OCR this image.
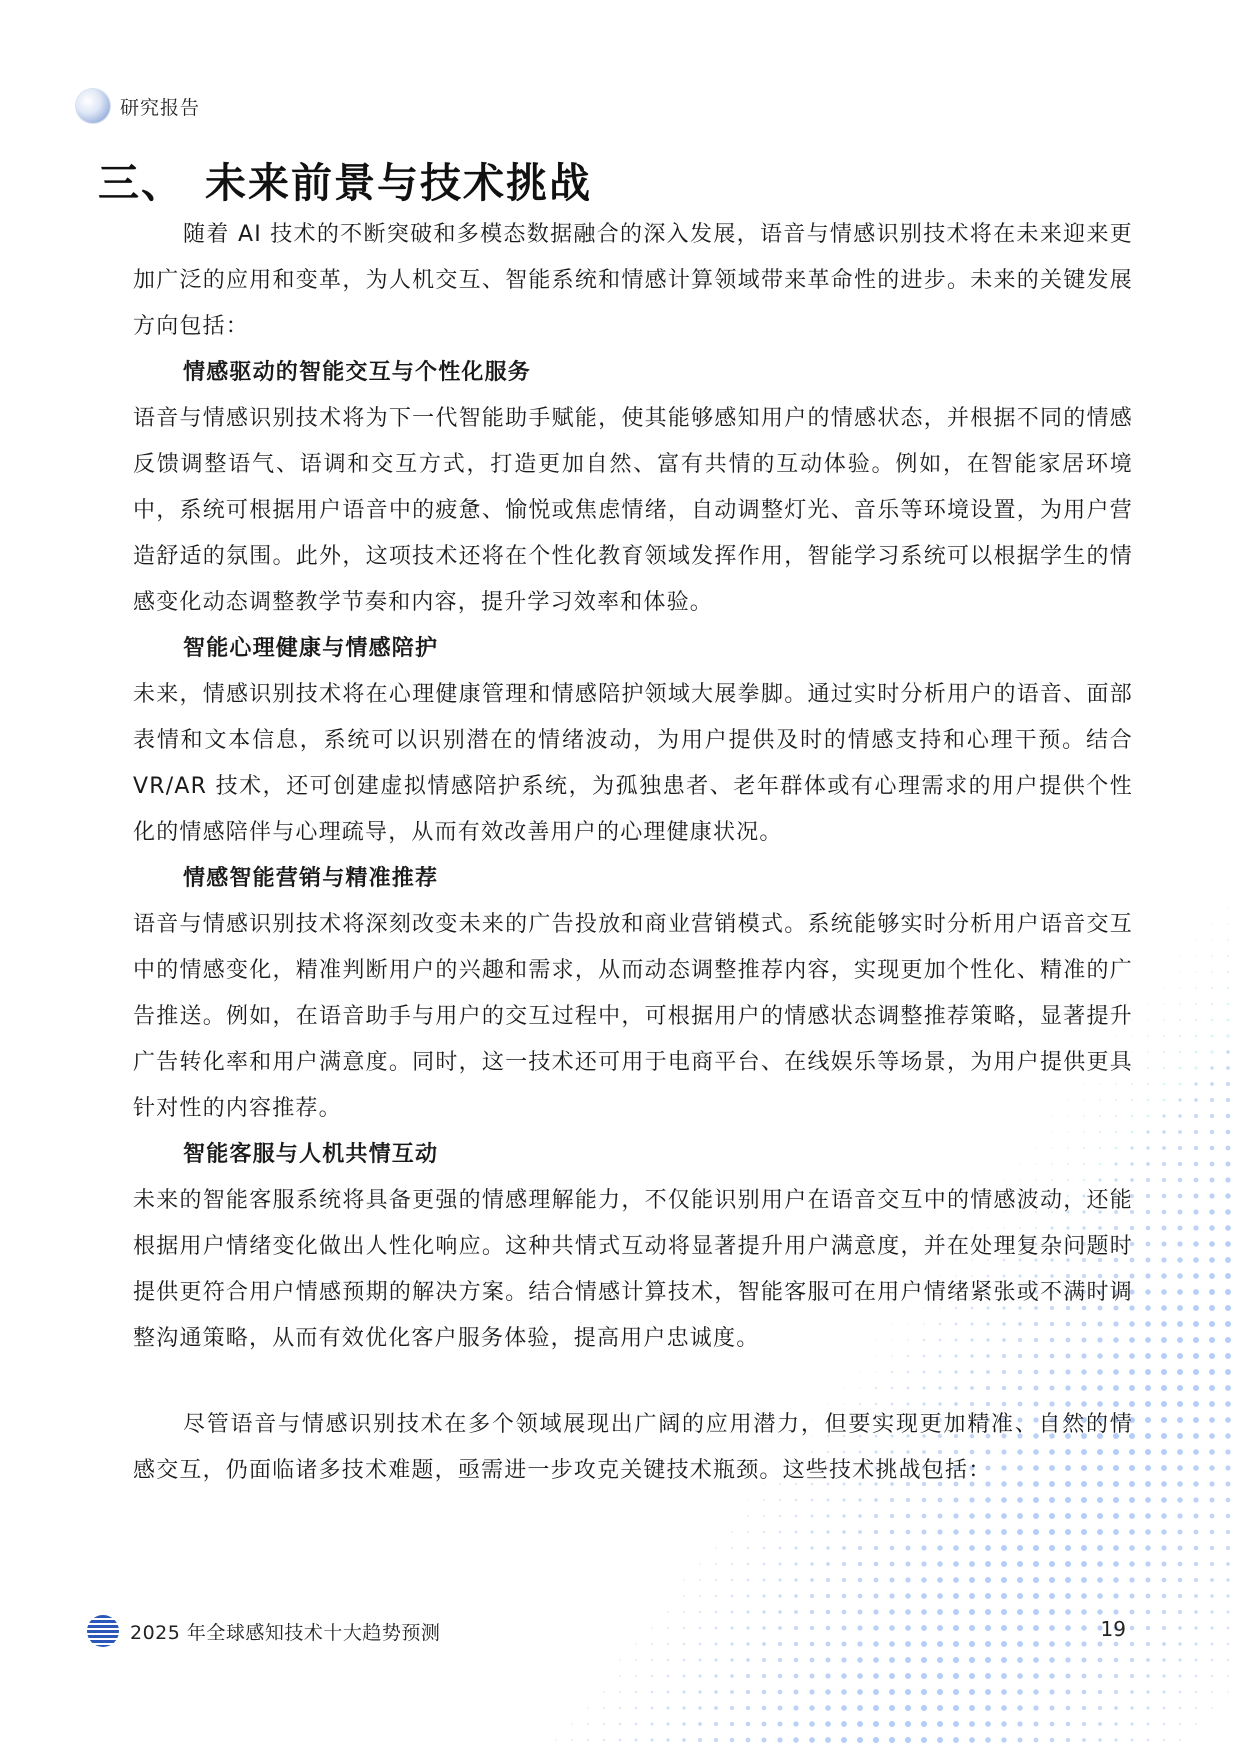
研究报告
三、 未来前景与技术挑战

随着 AI 技术的不断突破和多模态数据融合的深入发展，语音与情感识别技术将在未来迎来更加广泛的应用和变革，为人机交互、智能系统和情感计算领域带来革命性的进步。未来的关键发展方向包括：

情感驱动的智能交互与个性化服务

语音与情感识别技术将为下一代智能助手赋能，使其能够感知用户的情感状态，并根据不同的情感反馈调整语气、语调和交互方式，打造更加自然、富有共情的互动体验。例如，在智能家居环境中，系统可根据用户语音中的疲惫、愉悦或焦虑情绪，自动调整灯光、音乐等环境设置，为用户营造舒适的氛围。此外，这项技术还将在个性化教育领域发挥作用，智能学习系统可以根据学生的情感变化动态调整教学节奏和内容，提升学习效率和体验。

智能心理健康与情感陪护

未来，情感识别技术将在心理健康管理和情感陪护领域大展拳脚。通过实时分析用户的语音、面部表情和文本信息，系统可以识别潜在的情绪波动，为用户提供及时的情感支持和心理干预。结合 VR/AR 技术，还可创建虚拟情感陪护系统，为孤独患者、老年群体或有心理需求的用户提供个性化的情感陪伴与心理疏导，从而有效改善用户的心理健康状况。

情感智能营销与精准推荐

语音与情感识别技术将深刻改变未来的广告投放和商业营销模式。系统能够实时分析用户语音交互中的情感变化，精准判断用户的兴趣和需求，从而动态调整推荐内容，实现更加个性化、精准的广告推送。例如，在语音助手与用户的交互过程中，可根据用户的情感状态调整推荐策略，显著提升广告转化率和用户满意度。同时，这一技术还可用于电商平台、在线娱乐等场景，为用户提供更具针对性的内容推荐。

智能客服与人机共情互动

未来的智能客服系统将具备更强的情感理解能力，不仅能识别用户在语音交互中的情感波动，还能根据用户情绪变化做出人性化响应。这种共情式互动将显著提升用户满意度，并在处理复杂问题时提供更符合用户情感预期的解决方案。结合情感计算技术，智能客服可在用户情绪紧张或不满时调整沟通策略，从而有效优化客户服务体验，提高用户忠诚度。

尽管语音与情感识别技术在多个领域展现出广阔的应用潜力，但要实现更加精准、自然的情感交互，仍面临诸多技术难题，亟需进一步攻克关键技术瓶颈。这些技术挑战包括：

2025 年全球感知技术十大趋势预测	19
